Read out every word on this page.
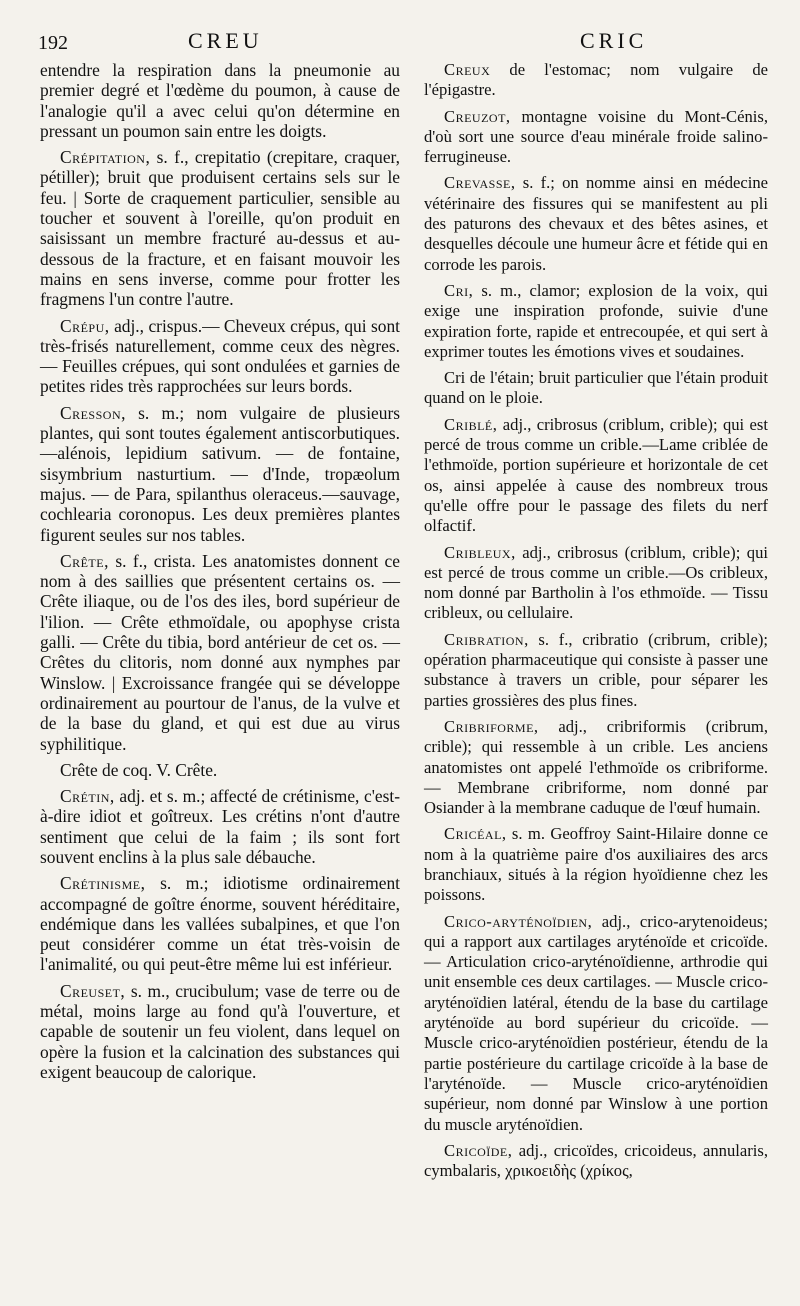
192	CREU	CRIC

entendre la respiration dans la pneumonie au premier degré et l'œdème du poumon, à cause de l'analogie qu'il a avec celui qu'on détermine en pressant un poumon sain entre les doigts.

Crépitation, s. f., crepitatio (crepitare, craquer, pétiller); bruit que produisent certains sels sur le feu. | Sorte de craquement particulier, sensible au toucher et souvent à l'oreille, qu'on produit en saisissant un membre fracturé au-dessus et au-dessous de la fracture, et en faisant mouvoir les mains en sens inverse, comme pour frotter les fragmens l'un contre l'autre.

Crépu, adj., crispus.— Cheveux crépus, qui sont très-frisés naturellement, comme ceux des nègres. — Feuilles crépues, qui sont ondulées et garnies de petites rides très rapprochées sur leurs bords.

Cresson, s. m.; nom vulgaire de plusieurs plantes, qui sont toutes également antiscorbutiques.—alénois, lepidium sativum. — de fontaine, sisymbrium nasturtium. — d'Inde, tropæolum majus. — de Para, spilanthus oleraceus.—sauvage, cochlearia coronopus. Les deux premières plantes figurent seules sur nos tables.

Crête, s. f., crista. Les anatomistes donnent ce nom à des saillies que présentent certains os. — Crête iliaque, ou de l'os des iles, bord supérieur de l'ilion. — Crête ethmoïdale, ou apophyse crista galli. — Crête du tibia, bord antérieur de cet os. — Crêtes du clitoris, nom donné aux nymphes par Winslow. | Excroissance frangée qui se développe ordinairement au pourtour de l'anus, de la vulve et de la base du gland, et qui est due au virus syphilitique.

Crête de coq. V. Crête.

Crétin, adj. et s. m.; affecté de crétinisme, c'est-à-dire idiot et goîtreux. Les crétins n'ont d'autre sentiment que celui de la faim ; ils sont fort souvent enclins à la plus sale débauche.

Crétinisme, s. m.; idiotisme ordinairement accompagné de goître énorme, souvent héréditaire, endémique dans les vallées subalpines, et que l'on peut considérer comme un état très-voisin de l'animalité, ou qui peut-être même lui est inférieur.

Creuset, s. m., crucibulum; vase de terre ou de métal, moins large au fond qu'à l'ouverture, et capable de soutenir un feu violent, dans lequel on opère la fusion et la calcination des substances qui exigent beaucoup de calorique.

Creux de l'estomac; nom vulgaire de l'épigastre.

Creuzot, montagne voisine du Mont-Cénis, d'où sort une source d'eau minérale froide salino-ferrugineuse.

Crevasse, s. f.; on nomme ainsi en médecine vétérinaire des fissures qui se manifestent au pli des paturons des chevaux et des bêtes asines, et desquelles découle une humeur âcre et fétide qui en corrode les parois.

Cri, s. m., clamor; explosion de la voix, qui exige une inspiration profonde, suivie d'une expiration forte, rapide et entrecoupée, et qui sert à exprimer toutes les émotions vives et soudaines.

Cri de l'étain; bruit particulier que l'étain produit quand on le ploie.

Criblé, adj., cribrosus (criblum, crible); qui est percé de trous comme un crible.—Lame criblée de l'ethmoïde, portion supérieure et horizontale de cet os, ainsi appelée à cause des nombreux trous qu'elle offre pour le passage des filets du nerf olfactif.

Cribleux, adj., cribrosus (criblum, crible); qui est percé de trous comme un crible.—Os cribleux, nom donné par Bartholin à l'os ethmoïde. — Tissu cribleux, ou cellulaire.

Cribration, s. f., cribratio (cribrum, crible); opération pharmaceutique qui consiste à passer une substance à travers un crible, pour séparer les parties grossières des plus fines.

Cribriforme, adj., cribriformis (cribrum, crible); qui ressemble à un crible. Les anciens anatomistes ont appelé l'ethmoïde os cribriforme. — Membrane cribriforme, nom donné par Osiander à la membrane caduque de l'œuf humain.

Cricéal, s. m. Geoffroy Saint-Hilaire donne ce nom à la quatrième paire d'os auxiliaires des arcs branchiaux, situés à la région hyoïdienne chez les poissons.

Crico-aryténoïdien, adj., crico-arytenoideus; qui a rapport aux cartilages aryténoïde et cricoïde. — Articulation crico-aryténoïdienne, arthrodie qui unit ensemble ces deux cartilages. — Muscle crico-aryténoïdien latéral, étendu de la base du cartilage aryténoïde au bord supérieur du cricoïde. — Muscle crico-aryténoïdien postérieur, étendu de la partie postérieure du cartilage cricoïde à la base de l'aryténoïde. — Muscle crico-aryténoïdien supérieur, nom donné par Winslow à une portion du muscle aryténoïdien.

Cricoïde, adj., cricoïdes, cricoideus, annularis, cymbalaris, χρικοειδὴς (χρίκος,
